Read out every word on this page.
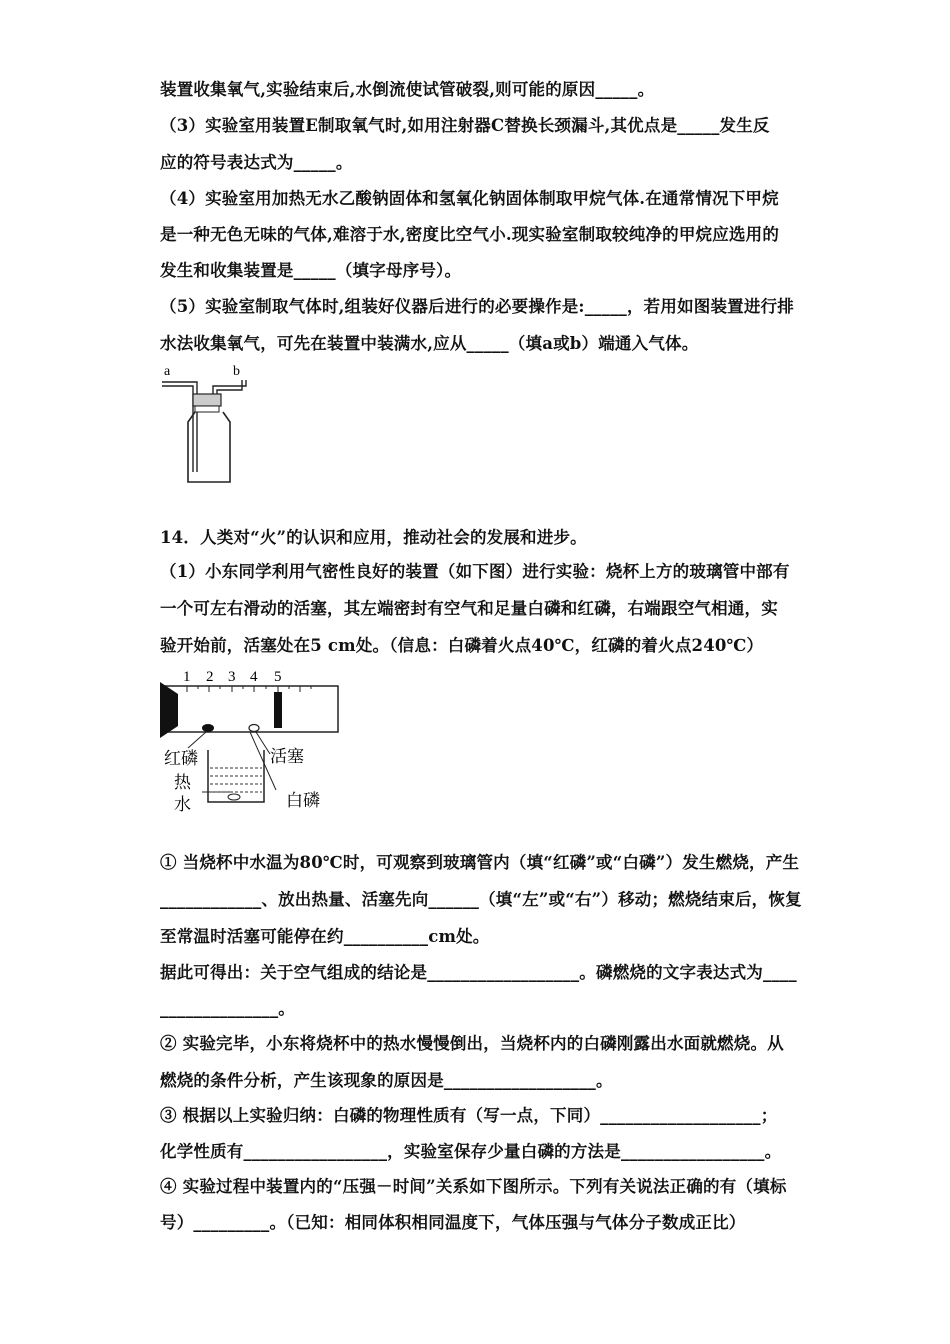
装置收集氧气,实验结束后,水倒流使试管破裂,则可能的原因_____。
（3）实验室用装置E制取氧气时,如用注射器C替换长颈漏斗,其优点是_____发生反
应的符号表达式为_____。
（4）实验室用加热无水乙酸钠固体和氢氧化钠固体制取甲烷气体.在通常情况下甲烷
是一种无色无味的气体,难溶于水,密度比空气小.现实验室制取较纯净的甲烷应选用的
发生和收集装置是_____（填字母序号）。
（5）实验室制取气体时,组装好仪器后进行的必要操作是:_____，若用如图装置进行排
水法收集氧气，可先在装置中装满水,应从_____（填a或b）端通入气体。
a	b
14．人类对“火”的认识和应用，推动社会的发展和进步。
（1）小东同学利用气密性良好的装置（如下图）进行实验：烧杯上方的玻璃管中部有
一个可左右滑动的活塞，其左端密封有空气和足量白磷和红磷，右端跟空气相通，实
验开始前，活塞处在5 cm处。（信息：白磷着火点40℃，红磷的着火点240℃）
1 2 3 4 5
红磷	活塞
热
水	白磷
① 当烧杯中水温为80℃时，可观察到玻璃管内（填“红磷”或“白磷”）发生燃烧，产生
____________、放出热量、活塞先向______（填“左”或“右”）移动；燃烧结束后，恢复
至常温时活塞可能停在约__________cm处。
据此可得出：关于空气组成的结论是__________________。磷燃烧的文字表达式为____
______________。
② 实验完毕，小东将烧杯中的热水慢慢倒出，当烧杯内的白磷刚露出水面就燃烧。从
燃烧的条件分析，产生该现象的原因是__________________。
③ 根据以上实验归纳：白磷的物理性质有（写一点，下同）___________________；
化学性质有_________________，实验室保存少量白磷的方法是_________________。
④ 实验过程中装置内的“压强－时间”关系如下图所示。下列有关说法正确的有（填标
号）_________。（已知：相同体积相同温度下，气体压强与气体分子数成正比）
